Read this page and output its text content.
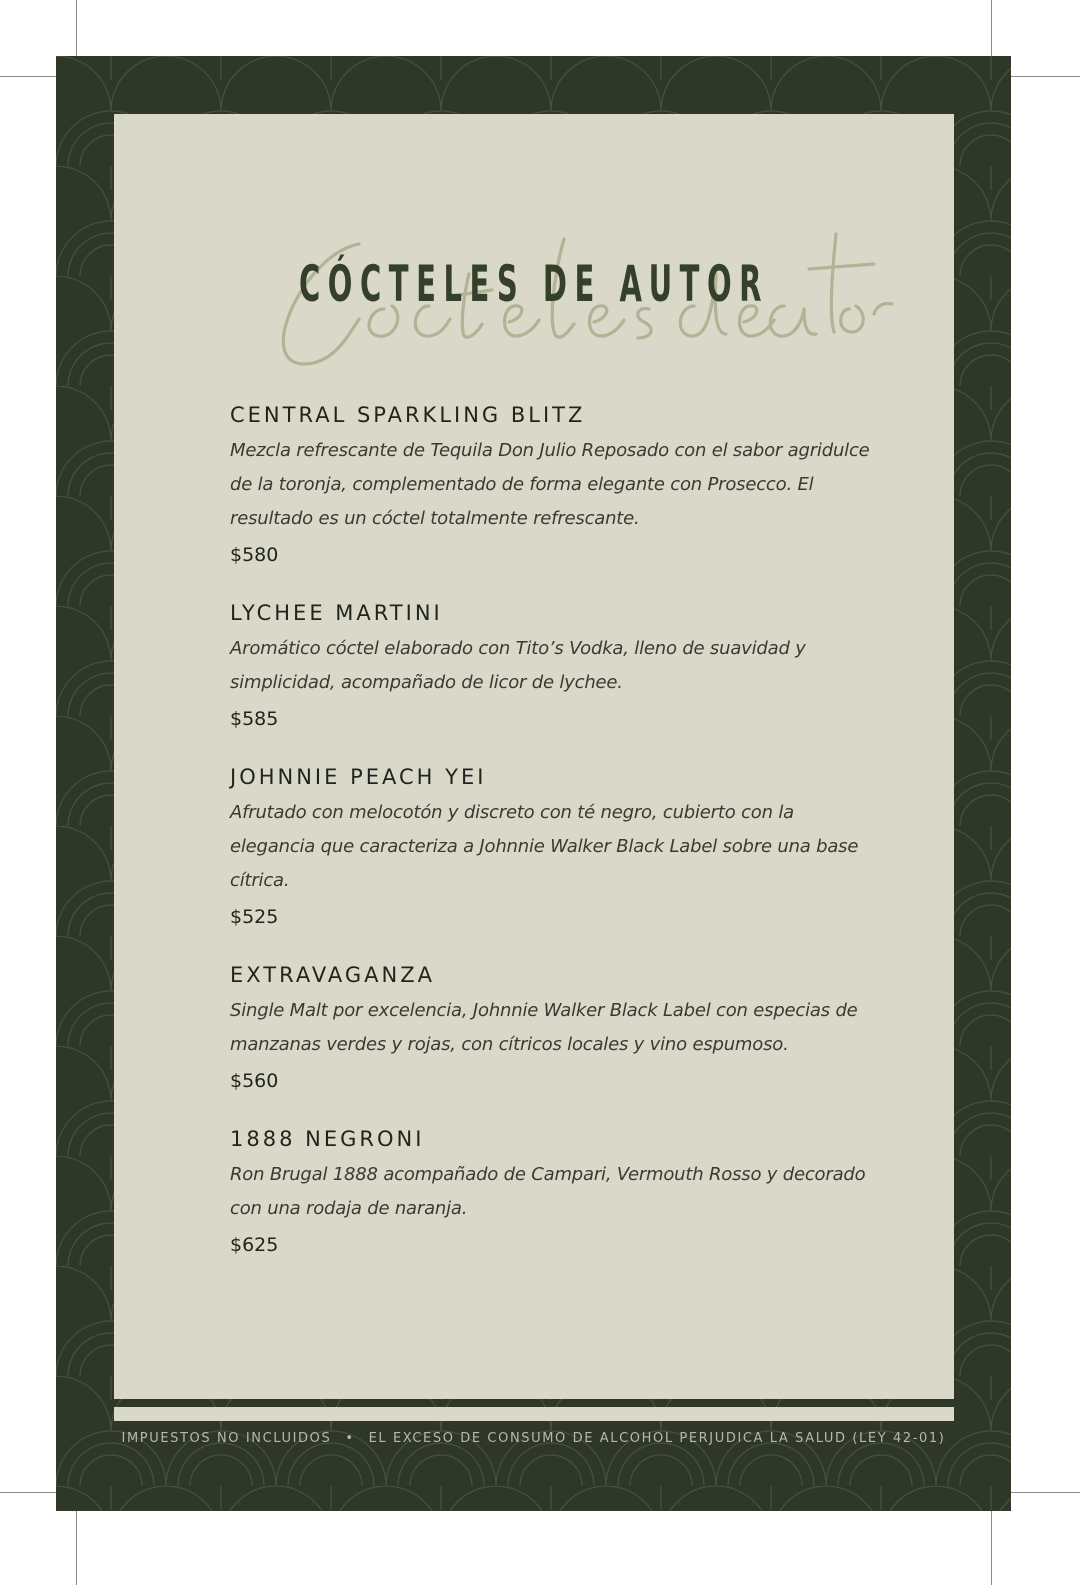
CÓCTELES DE AUTOR

CENTRAL SPARKLING BLITZ

Mezcla refrescante de Tequila Don Julio Reposado con el sabor agridulce de la toronja, complementado de forma elegante con Prosecco. El resultado es un cóctel totalmente refrescante.

$580

LYCHEE MARTINI

Aromático cóctel elaborado con Tito’s Vodka, lleno de suavidad y simplicidad, acompañado de licor de lychee.

$585

JOHNNIE PEACH YEI

Afrutado con melocotón y discreto con té negro, cubierto con la elegancia que caracteriza a Johnnie Walker Black Label sobre una base cítrica.

$525

EXTRAVAGANZA

Single Malt por excelencia, Johnnie Walker Black Label con especias de manzanas verdes y rojas, con cítricos locales y vino espumoso.

$560

1888 NEGRONI

Ron Brugal 1888 acompañado de Campari, Vermouth Rosso y decorado con una rodaja de naranja.

$625

IMPUESTOS NO INCLUIDOS • EL EXCESO DE CONSUMO DE ALCOHOL PERJUDICA LA SALUD (LEY 42-01)
